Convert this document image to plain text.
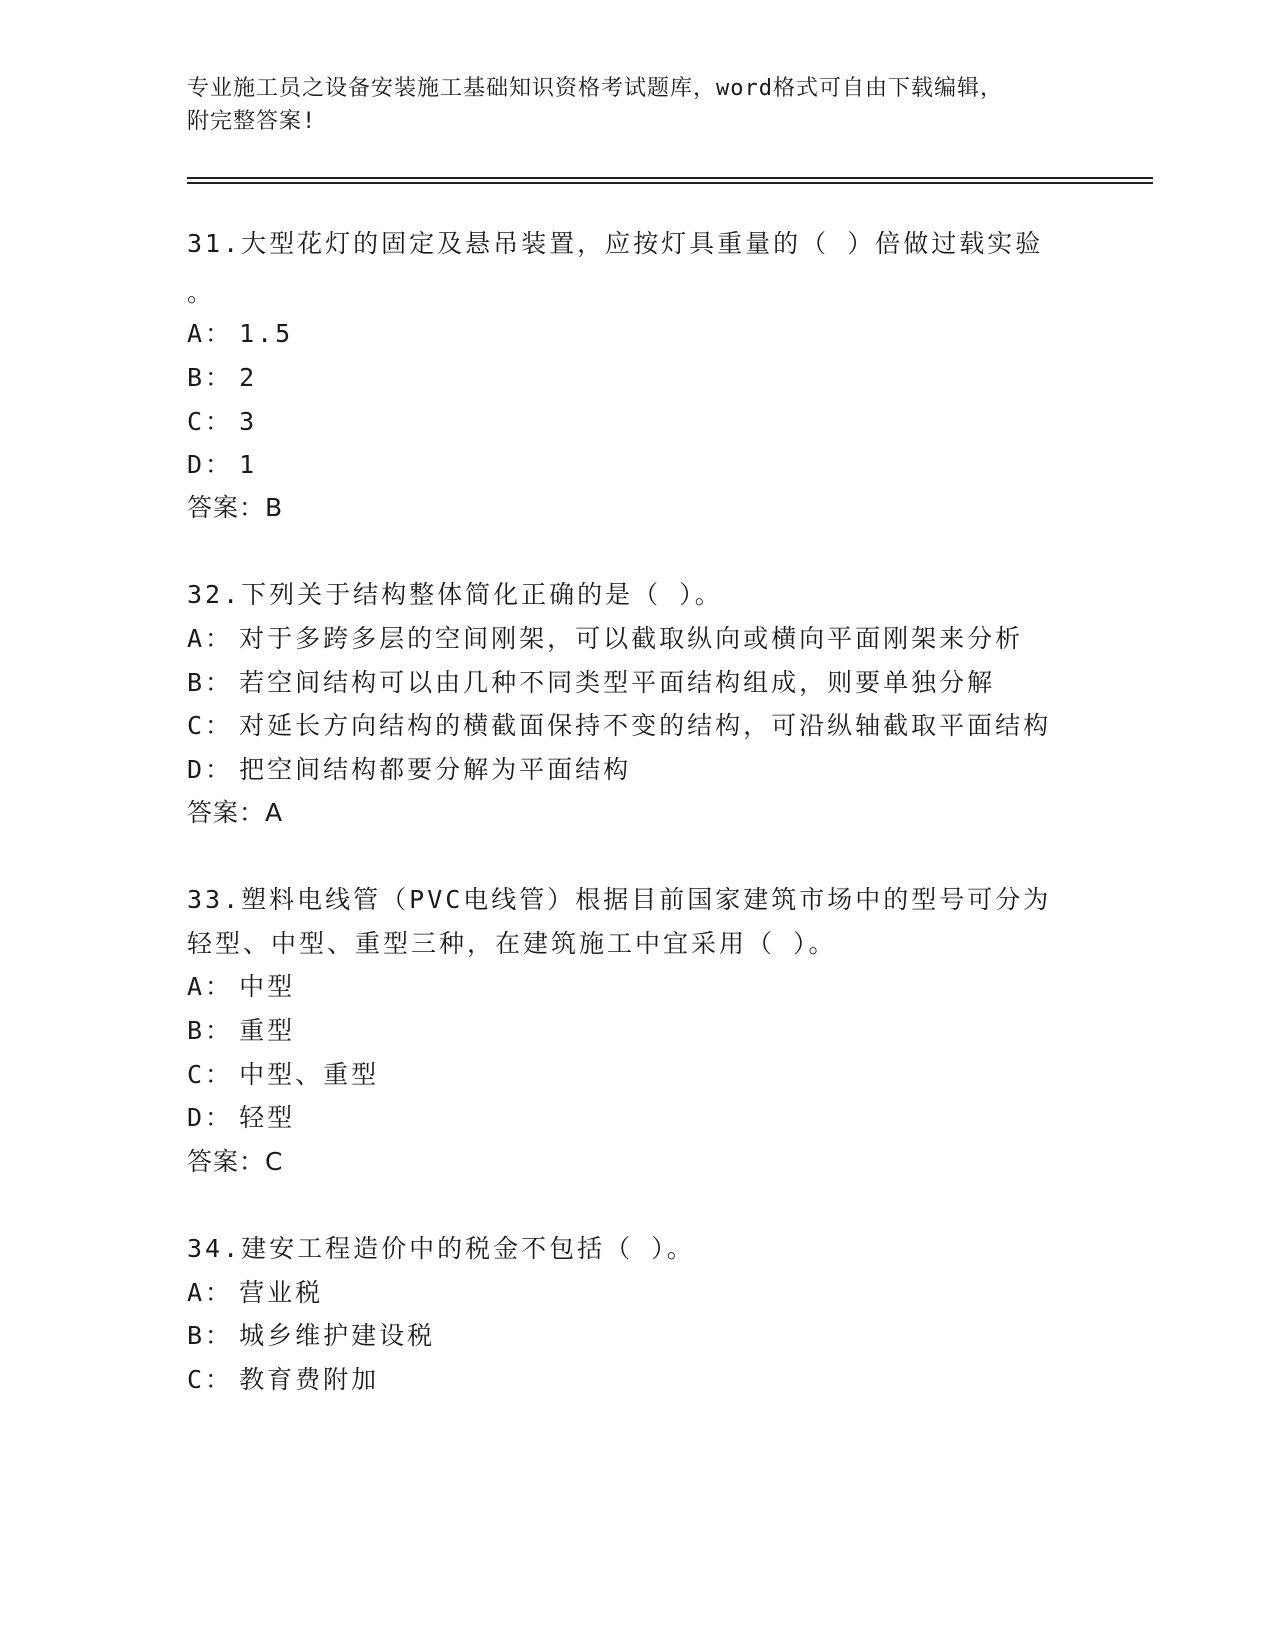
专业施工员之设备安装施工基础知识资格考试题库，word格式可自由下载编辑，
附完整答案!
31.大型花灯的固定及悬吊装置，应按灯具重量的（ ）倍做过载实验
。
A： 1.5
B： 2
C： 3
D： 1
答案：B
32.下列关于结构整体简化正确的是（ ）。
A： 对于多跨多层的空间刚架，可以截取纵向或横向平面刚架来分析
B： 若空间结构可以由几种不同类型平面结构组成，则要单独分解
C： 对延长方向结构的横截面保持不变的结构，可沿纵轴截取平面结构
D： 把空间结构都要分解为平面结构
答案：A
33.塑料电线管（PVC电线管）根据目前国家建筑市场中的型号可分为
轻型、中型、重型三种，在建筑施工中宜采用（ ）。
A： 中型
B： 重型
C： 中型、重型
D： 轻型
答案：C
34.建安工程造价中的税金不包括（ ）。
A： 营业税
B： 城乡维护建设税
C： 教育费附加
